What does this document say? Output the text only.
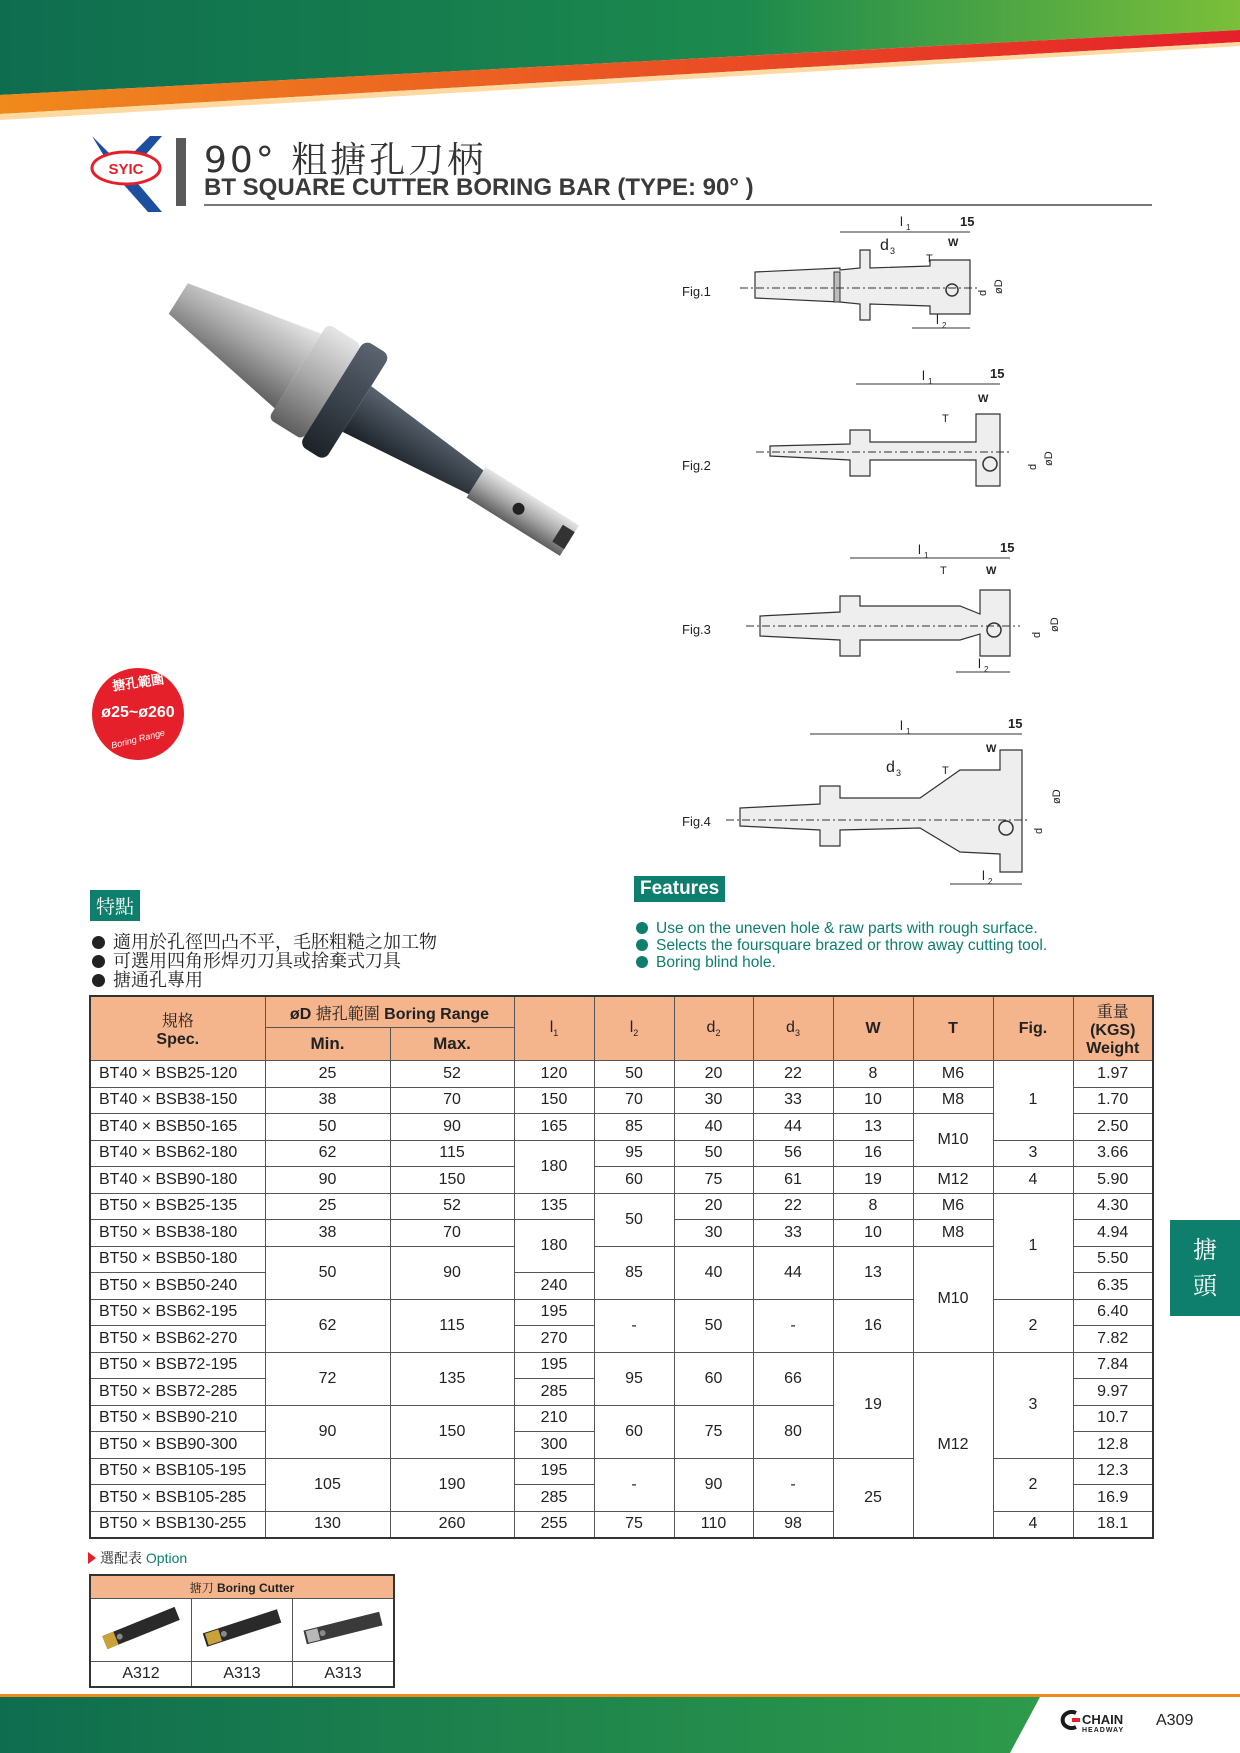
SYIC 90° 粗搪孔刀柄
BT SQUARE CUTTER BORING BAR (TYPE: 90° )
搪孔範圍
ø25~ø260
Boring Range
Fig.1
l 1	15
d 3
W
T
l 2
øD
d
Fig.2
l 1
15
W
T
øD
d
Fig.3
l 1
15
W
T
l 2
øD
d
Fig.4
l 1
15
d 3
W
T
l 2
øD
d
特點
Features
適用於孔徑凹凸不平，毛胚粗糙之加工物
可選用四角形焊刃刀具或捨棄式刀具
搪通孔專用
Use on the uneven hole & raw parts with rough surface.
Selects the foursquare brazed or throw away cutting tool.
Boring blind hole.
規格
Spec.	øD 搪孔範圍 Boring Range		$l_1$	$l_2$	$d_2$	$d_3$	W	T	Fig.	重量
(KGS)
Weight
	Min.	Max.								
BT40 × BSB25-120	25	52	120	50	20	22	8	M6	1	1.97
BT40 × BSB38-150	38	70	150	70	30	33	10	M8		1.70
BT40 × BSB50-165	50	90	165	85	40	44	13	M10		2.50
BT40 × BSB62-180	62	115	180	95	50	56	16		3	3.66
BT40 × BSB90-180	90	150		60	75	61	19	M12	4	5.90
BT50 × BSB25-135	25	52	135	50	20	22	8	M6	1	4.30
BT50 × BSB38-180	38	70	180		30	33	10	M8		4.94
BT50 × BSB50-180	50	90		85	40	44	13	M10		5.50
BT50 × BSB50-240			240							6.35
BT50 × BSB62-195	62	115	195	-	50	-	16		2	6.40
BT50 × BSB62-270			270							7.82
BT50 × BSB72-195	72	135	195	95	60	66	19	M12	3	7.84
BT50 × BSB72-285			285							9.97
BT50 × BSB90-210	90	150	210	60	75	80				10.7
BT50 × BSB90-300			300							12.8
BT50 × BSB105-195	105	190	195	-	90	-	25		2	12.3
BT50 × BSB105-285			285							16.9
BT50 × BSB130-255	130	260	255	75	110	98			4	18.1
選配表 Option
搪刀 Boring Cutter		

A312	A313	A313
搪
頭
CHAIN
HEADWAY
A309
